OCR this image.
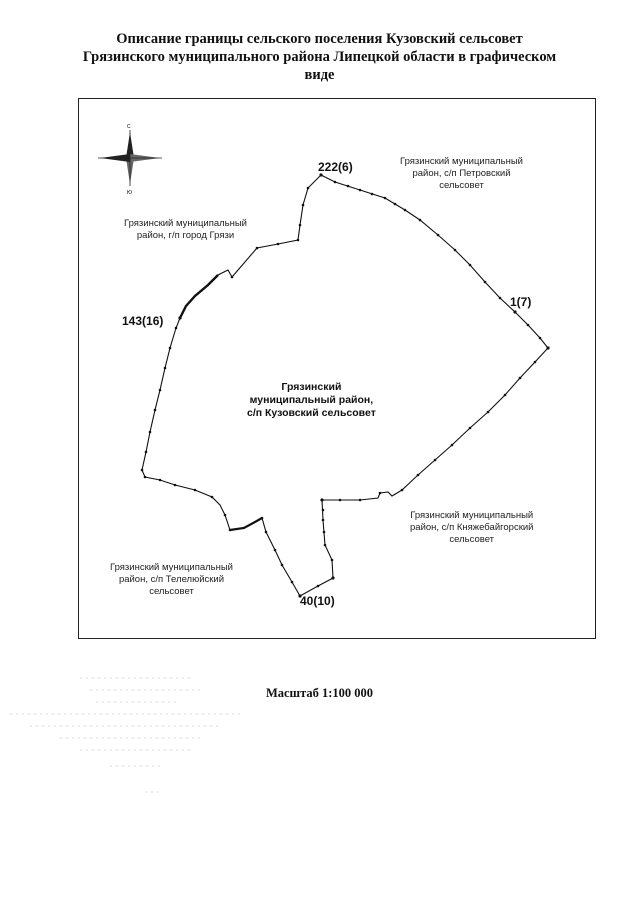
Описание границы сельского поселения Кузовский сельсовет
Грязинского муниципального района Липецкой области в графическом
виде
С
Ю
Грязинский муниципальный
район, с/п Петровский
сельсовет
Грязинский муниципальный
район, г/п город Грязи
Грязинский муниципальный
район, с/п Княжебайгорский
сельсовет
Грязинский муниципальный
район, с/п Телелюйский
сельсовет
Грязинский
муниципальный район,
с/п Кузовский сельсовет
222(6)
1(7)
143(16)
40(10)
Масштаб 1:100 000
